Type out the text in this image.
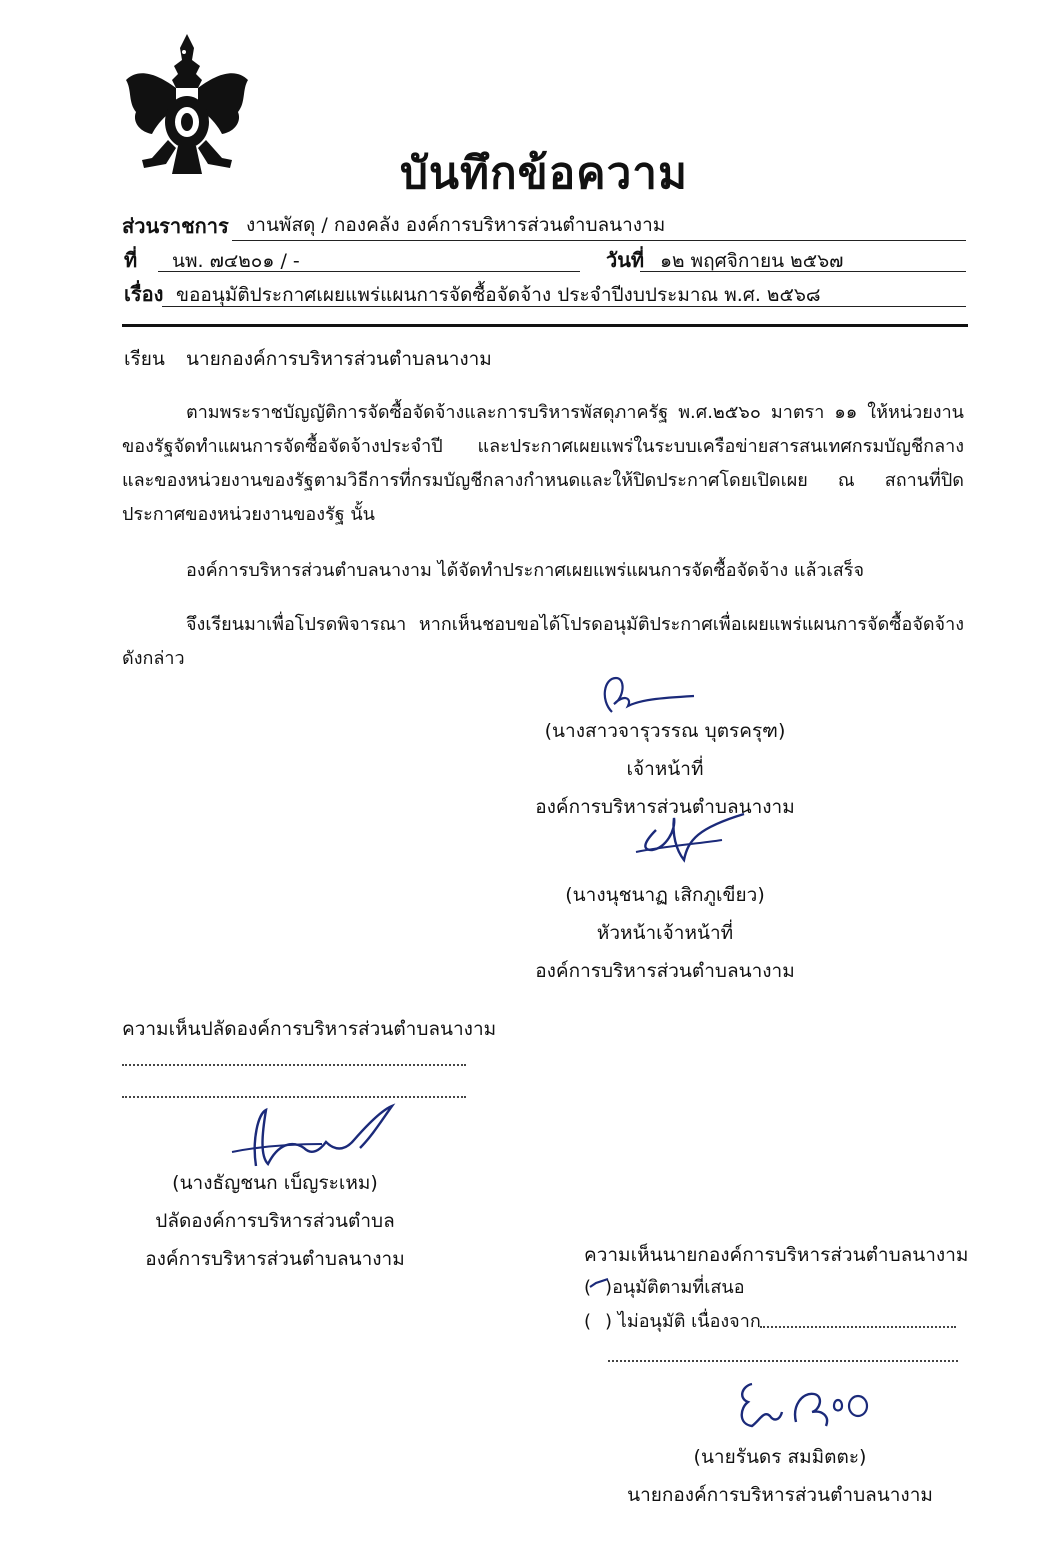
บันทึกข้อความ
ส่วนราชการ งานพัสดุ / กองคลัง องค์การบริหารส่วนตำบลนางาม
ที่ นพ. ๗๔๒๐๑ / -	วันที่ ๑๒ พฤศจิกายน ๒๕๖๗
เรื่อง ขออนุมัติประกาศเผยแพร่แผนการจัดซื้อจัดจ้าง ประจำปีงบประมาณ พ.ศ. ๒๕๖๘
เรียน นายกองค์การบริหารส่วนตำบลนางาม
ตามพระราชบัญญัติการจัดซื้อจัดจ้างและการบริหารพัสดุภาครัฐ พ.ศ.๒๕๖๐ มาตรา ๑๑ ให้หน่วยงานของรัฐจัดทำแผนการจัดซื้อจัดจ้างประจำปี และประกาศเผยแพร่ในระบบเครือข่ายสารสนเทศกรมบัญชีกลางและของหน่วยงานของรัฐตามวิธีการที่กรมบัญชีกลางกำหนดและให้ปิดประกาศโดยเปิดเผย ณ สถานที่ปิดประกาศของหน่วยงานของรัฐ นั้น
องค์การบริหารส่วนตำบลนางาม ได้จัดทำประกาศเผยแพร่แผนการจัดซื้อจัดจ้าง แล้วเสร็จ
จึงเรียนมาเพื่อโปรดพิจารณา หากเห็นชอบขอได้โปรดอนุมัติประกาศเพื่อเผยแพร่แผนการจัดซื้อจัดจ้าง ดังกล่าว
(นางสาวจารุวรรณ บุตรครุฑ)
เจ้าหน้าที่
องค์การบริหารส่วนตำบลนางาม
(นางนุชนาฏ เสิกภูเขียว)
หัวหน้าเจ้าหน้าที่
องค์การบริหารส่วนตำบลนางาม
ความเห็นปลัดองค์การบริหารส่วนตำบลนางาม
(นางธัญชนก เบ็ญระเหม)
ปลัดองค์การบริหารส่วนตำบล
องค์การบริหารส่วนตำบลนางาม	ความเห็นนายกองค์การบริหารส่วนตำบลนางาม
( )
อนุมัติตามที่เสนอ
( ) ไม่อนุมัติ เนื่องจาก
(นายรันดร สมมิตตะ)
นายกองค์การบริหารส่วนตำบลนางาม
